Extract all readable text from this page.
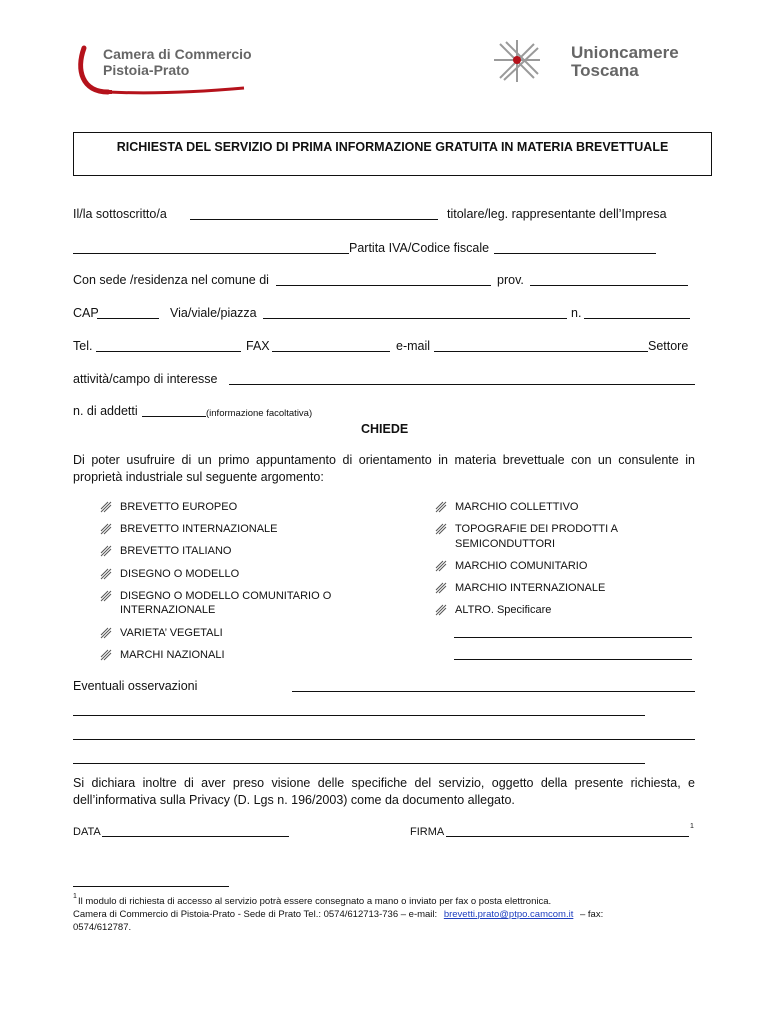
Camera di Commercio
Pistoia-Prato
Unioncamere
Toscana
RICHIESTA DEL SERVIZIO DI PRIMA INFORMAZIONE GRATUITA IN MATERIA BREVETTUALE
Il/la sottoscritto/a	titolare/leg. rappresentante dell’Impresa
Partita IVA/Codice fiscale
Con sede /residenza nel comune di	prov.
CAP	Via/viale/piazza	n.
Tel.	FAX	e-mail	Settore
attività/campo di interesse
n. di addetti	(informazione facoltativa)
CHIEDE
Di poter usufruire di un primo appuntamento di orientamento in materia brevettuale con un consulente in proprietà industriale sul seguente argomento:
BREVETTO EUROPEO
BREVETTO INTERNAZIONALE
BREVETTO ITALIANO
DISEGNO O MODELLO
DISEGNO O MODELLO COMUNITARIO O
INTERNAZIONALE
VARIETA’ VEGETALI
MARCHI NAZIONALI
MARCHIO COLLETTIVO
TOPOGRAFIE DEI PRODOTTI A
SEMICONDUTTORI
MARCHIO COMUNITARIO
MARCHIO INTERNAZIONALE
ALTRO. Specificare
Eventuali osservazioni
Si dichiara inoltre di aver preso visione delle specifiche del servizio, oggetto della presente richiesta, e dell’informativa sulla Privacy (D. Lgs n. 196/2003) come da documento allegato.
DATA	FIRMA	1
1 Il modulo di richiesta di accesso al servizio potrà essere consegnato a mano o inviato per fax o posta elettronica.
Camera di Commercio di Pistoia-Prato - Sede di Prato Tel.: 0574/612713-736 – e-mail: brevetti.prato@ptpo.camcom.it – fax:
0574/612787.
